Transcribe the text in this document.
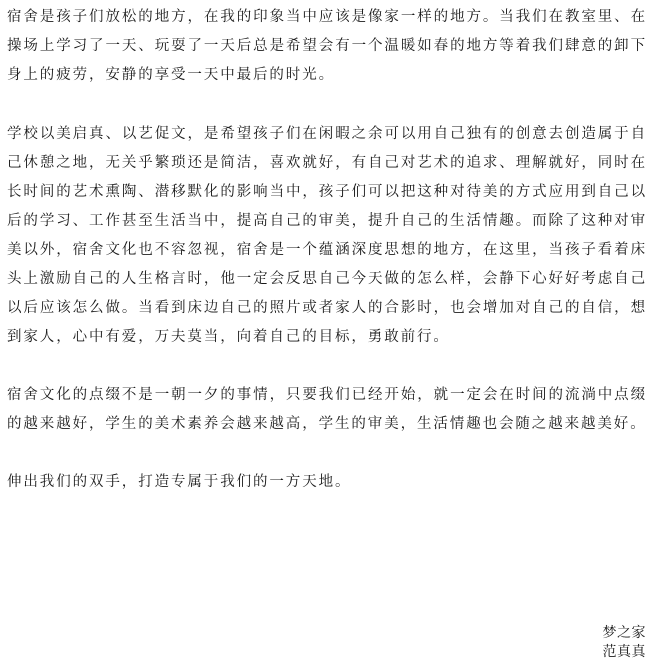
宿舍是孩子们放松的地方，在我的印象当中应该是像家一样的地方。当我们在教室里、在操场上学习了一天、玩耍了一天后总是希望会有一个温暖如春的地方等着我们肆意的卸下身上的疲劳，安静的享受一天中最后的时光。

学校以美启真、以艺促文，是希望孩子们在闲暇之余可以用自己独有的创意去创造属于自己休憩之地，无关乎繁琐还是简洁，喜欢就好，有自己对艺术的追求、理解就好，同时在长时间的艺术熏陶、潜移默化的影响当中，孩子们可以把这种对待美的方式应用到自己以后的学习、工作甚至生活当中，提高自己的审美，提升自己的生活情趣。而除了这种对审美以外，宿舍文化也不容忽视，宿舍是一个蕴涵深度思想的地方，在这里，当孩子看着床头上激励自己的人生格言时，他一定会反思自己今天做的怎么样，会静下心好好考虑自己以后应该怎么做。当看到床边自己的照片或者家人的合影时，也会增加对自己的自信，想到家人，心中有爱，万夫莫当，向着自己的目标，勇敢前行。

宿舍文化的点缀不是一朝一夕的事情，只要我们已经开始，就一定会在时间的流淌中点缀的越来越好，学生的美术素养会越来越高，学生的审美，生活情趣也会随之越来越美好。

伸出我们的双手，打造专属于我们的一方天地。

梦之家
范真真
